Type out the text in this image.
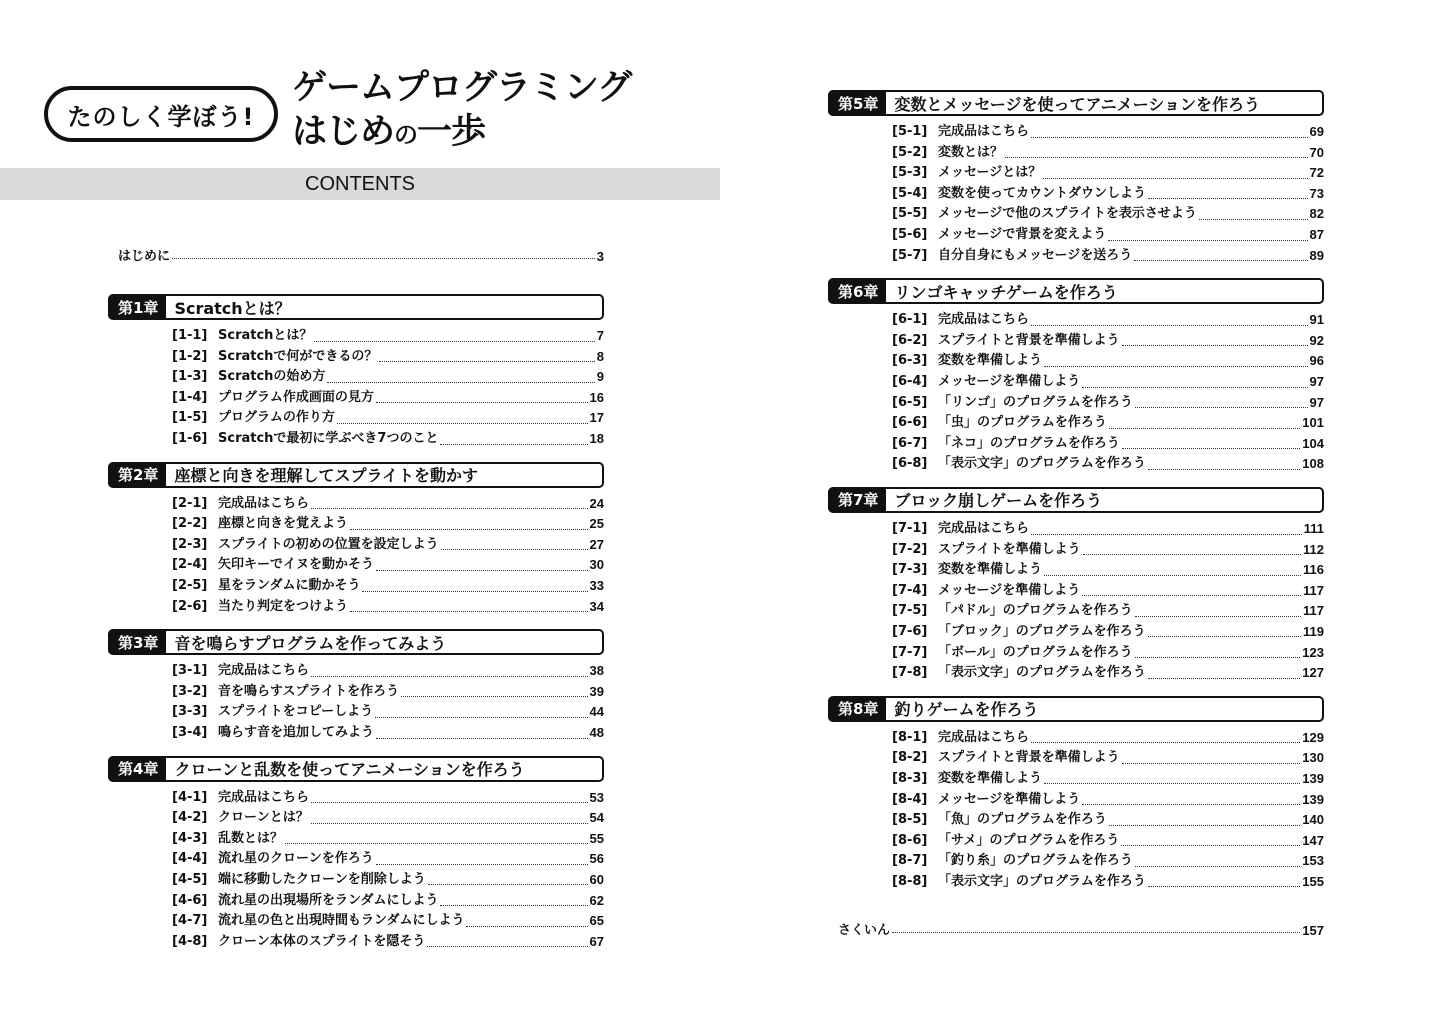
たのしく学ぼう!
ゲームプログラミング
はじめの一歩
CONTENTS
はじめに	3
第1章	Scratchとは？
[1-1] Scratchとは？	7
[1-2] Scratchで何ができるの？	8
[1-3] Scratchの始め方	9
[1-4] プログラム作成画面の見方	16
[1-5] プログラムの作り方	17
[1-6] Scratchで最初に学ぶべき7つのこと	18
第2章	座標と向きを理解してスプライトを動かす
[2-1] 完成品はこちら	24
[2-2] 座標と向きを覚えよう	25
[2-3] スプライトの初めの位置を設定しよう	27
[2-4] 矢印キーでイヌを動かそう	30
[2-5] 星をランダムに動かそう	33
[2-6] 当たり判定をつけよう	34
第3章	音を鳴らすプログラムを作ってみよう
[3-1] 完成品はこちら	38
[3-2] 音を鳴らすスプライトを作ろう	39
[3-3] スプライトをコピーしよう	44
[3-4] 鳴らす音を追加してみよう	48
第4章	クローンと乱数を使ってアニメーションを作ろう
[4-1] 完成品はこちら	53
[4-2] クローンとは？	54
[4-3] 乱数とは？	55
[4-4] 流れ星のクローンを作ろう	56
[4-5] 端に移動したクローンを削除しよう	60
[4-6] 流れ星の出現場所をランダムにしよう	62
[4-7] 流れ星の色と出現時間もランダムにしよう	65
[4-8] クローン本体のスプライトを隠そう	67
第5章	変数とメッセージを使ってアニメーションを作ろう
[5-1] 完成品はこちら	69
[5-2] 変数とは？	70
[5-3] メッセージとは？	72
[5-4] 変数を使ってカウントダウンしよう	73
[5-5] メッセージで他のスプライトを表示させよう	82
[5-6] メッセージで背景を変えよう	87
[5-7] 自分自身にもメッセージを送ろう	89
第6章	リンゴキャッチゲームを作ろう
[6-1] 完成品はこちら	91
[6-2] スプライトと背景を準備しよう	92
[6-3] 変数を準備しよう	96
[6-4] メッセージを準備しよう	97
[6-5] 「リンゴ」のプログラムを作ろう	97
[6-6] 「虫」のプログラムを作ろう	101
[6-7] 「ネコ」のプログラムを作ろう	104
[6-8] 「表示文字」のプログラムを作ろう	108
第7章	ブロック崩しゲームを作ろう
[7-1] 完成品はこちら	111
[7-2] スプライトを準備しよう	112
[7-3] 変数を準備しよう	116
[7-4] メッセージを準備しよう	117
[7-5] 「パドル」のプログラムを作ろう	117
[7-6] 「ブロック」のプログラムを作ろう	119
[7-7] 「ボール」のプログラムを作ろう	123
[7-8] 「表示文字」のプログラムを作ろう	127
第8章	釣りゲームを作ろう
[8-1] 完成品はこちら	129
[8-2] スプライトと背景を準備しよう	130
[8-3] 変数を準備しよう	139
[8-4] メッセージを準備しよう	139
[8-5] 「魚」のプログラムを作ろう	140
[8-6] 「サメ」のプログラムを作ろう	147
[8-7] 「釣り糸」のプログラムを作ろう	153
[8-8] 「表示文字」のプログラムを作ろう	155
さくいん	157
